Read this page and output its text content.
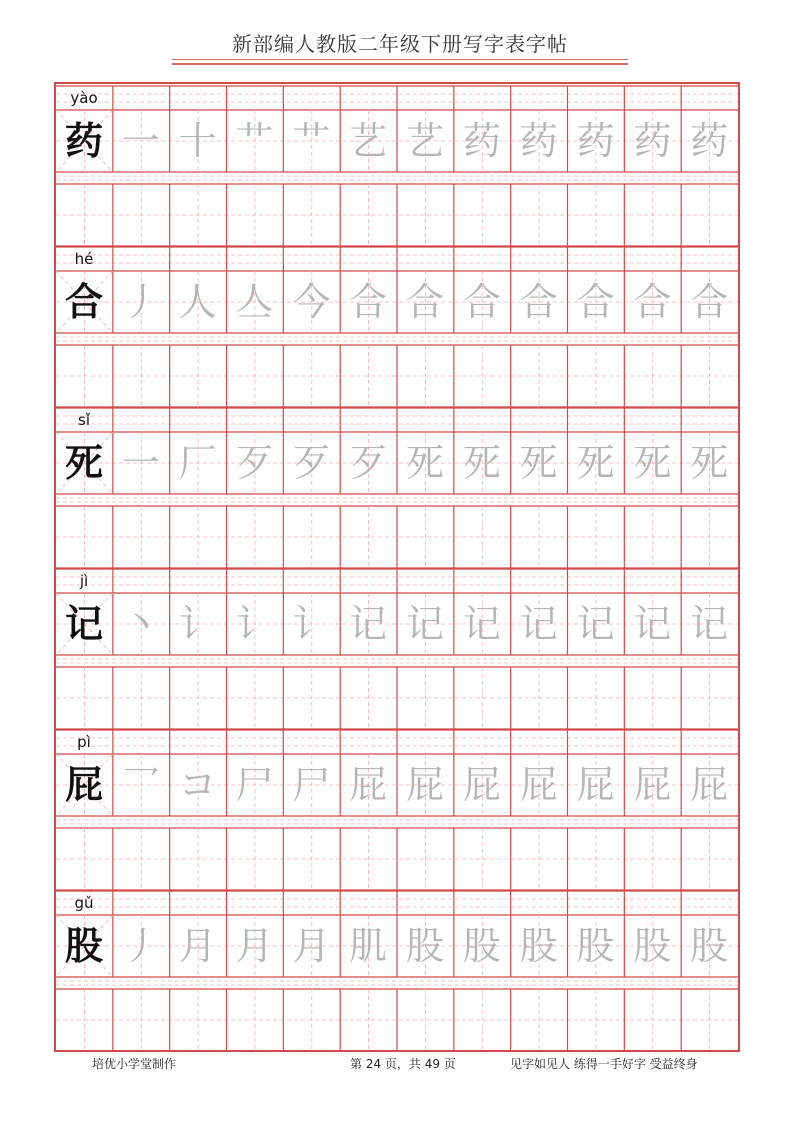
新部编人教版二年级下册写字表字帖
yào
药 一 十 艹 艹 艺 艺 药 药 药 药 药
hé
合 丿 人 亼 今 合 合 合 合 合 合 合
sǐ
死 一 厂 歹 歹 歹 死 死 死 死 死 死
jì
记 丶 讠 讠 讠 记 记 记 记 记 记 记
pì
屁 乛 コ 尸 尸 屁 屁 屁 屁 屁 屁 屁
gǔ
股 丿 月 月 月 肌 股 股 股 股 股 股
培优小学堂制作	第 24 页，共 49 页	见字如见人 练得一手好字 受益终身
